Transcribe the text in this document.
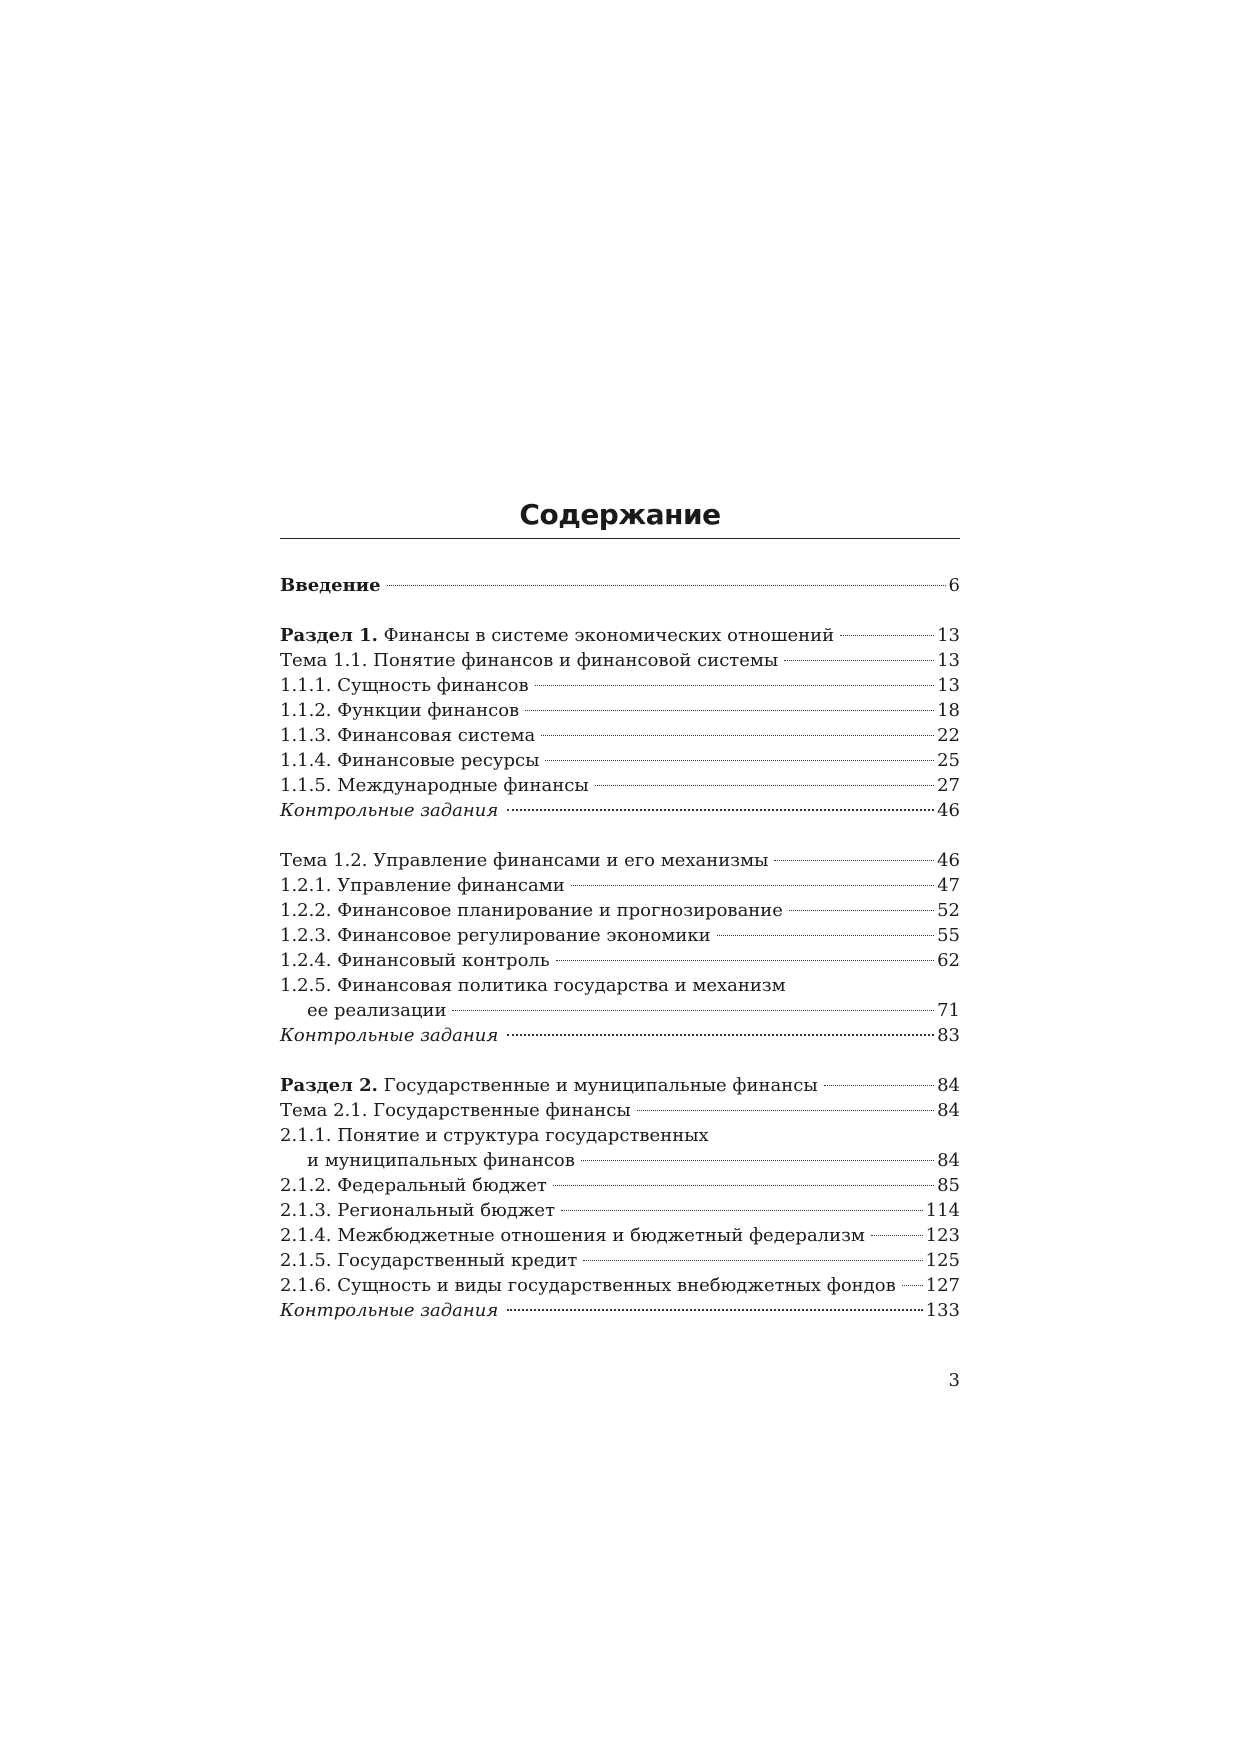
Содержание
Введение	6
Раздел 1. Финансы в системе экономических отношений	13
Тема 1.1. Понятие финансов и финансовой системы	13
1.1.1. Сущность финансов	13
1.1.2. Функции финансов	18
1.1.3. Финансовая система	22
1.1.4. Финансовые ресурсы	25
1.1.5. Международные финансы	27
Контрольные задания	46
Тема 1.2. Управление финансами и его механизмы	46
1.2.1. Управление финансами	47
1.2.2. Финансовое планирование и прогнозирование	52
1.2.3. Финансовое регулирование экономики	55
1.2.4. Финансовый контроль	62
1.2.5. Финансовая политика государства и механизм
ее реализации	71
Контрольные задания	83
Раздел 2. Государственные и муниципальные финансы	84
Тема 2.1. Государственные финансы	84
2.1.1. Понятие и структура государственных
и муниципальных финансов	84
2.1.2. Федеральный бюджет	85
2.1.3. Региональный бюджет	114
2.1.4. Межбюджетные отношения и бюджетный федерализм	123
2.1.5. Государственный кредит	125
2.1.6. Сущность и виды государственных внебюджетных фондов 127
Контрольные задания	133
3
